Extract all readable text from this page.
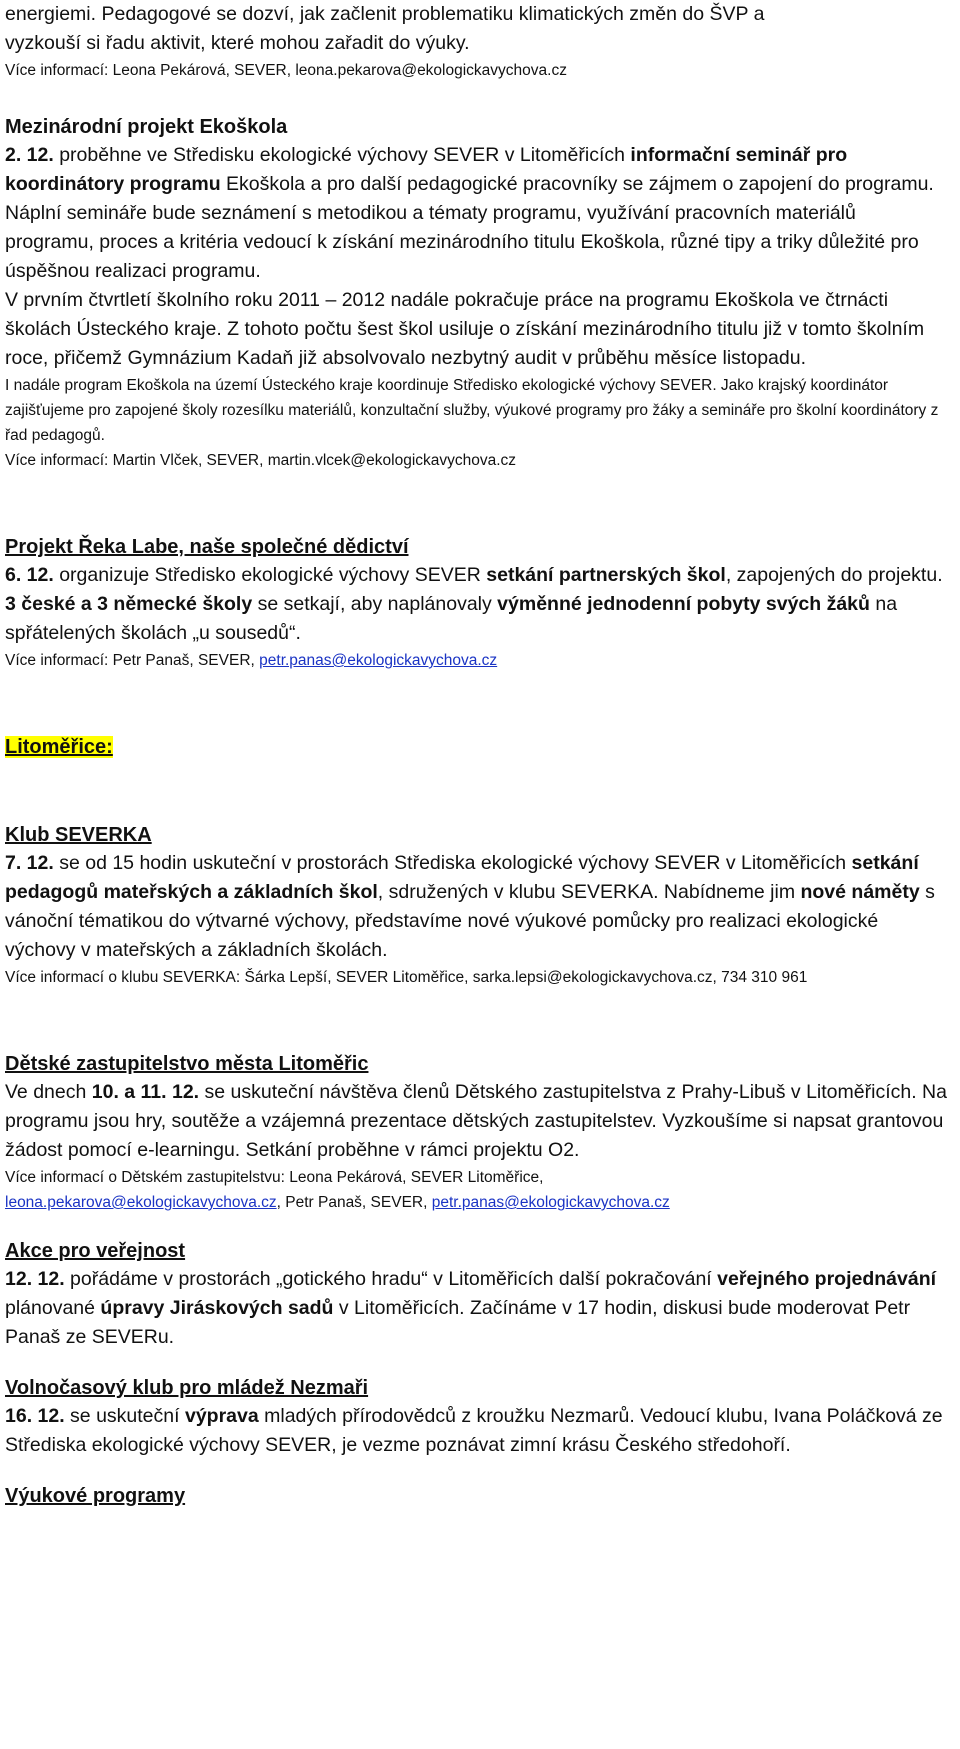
energiemi. Pedagogové se dozví, jak začlenit problematiku klimatických změn do ŠVP a

vyzkouší si řadu aktivit, které mohou zařadit do výuky.

Více informací: Leona Pekárová, SEVER, leona.pekarova@ekologickavychova.cz

Mezinárodní projekt Ekoškola

2. 12. proběhne ve Středisku ekologické výchovy SEVER v Litoměřicích informační seminář pro koordinátory programu Ekoškola a pro další pedagogické pracovníky se zájmem o zapojení do programu. Náplní semináře bude seznámení s metodikou a tématy programu, využívání pracovních materiálů programu, proces a kritéria vedoucí k získání mezinárodního titulu Ekoškola, různé tipy a triky důležité pro úspěšnou realizaci programu.

V prvním čtvrtletí školního roku 2011 – 2012 nadále pokračuje práce na programu Ekoškola ve čtrnácti školách Ústeckého kraje. Z tohoto počtu šest škol usiluje o získání mezinárodního titulu již v tomto školním roce, přičemž Gymnázium Kadaň již absolvovalo nezbytný audit v průběhu měsíce listopadu.

I nadále program Ekoškola na území Ústeckého kraje koordinuje Středisko ekologické výchovy SEVER. Jako krajský koordinátor zajišťujeme pro zapojené školy rozesílku materiálů, konzultační služby, výukové programy pro žáky a semináře pro školní koordinátory z řad pedagogů.

Více informací: Martin Vlček, SEVER, martin.vlcek@ekologickavychova.cz

Projekt Řeka Labe, naše společné dědictví

6. 12. organizuje Středisko ekologické výchovy SEVER setkání partnerských škol, zapojených do projektu. 3 české a 3 německé školy se setkají, aby naplánovaly výměnné jednodenní pobyty svých žáků na spřátelených školách „u sousedů“.

Více informací: Petr Panaš, SEVER, petr.panas@ekologickavychova.cz

Litoměřice:
Klub SEVERKA

7. 12. se od 15 hodin uskuteční v prostorách Střediska ekologické výchovy SEVER v Litoměřicích setkání pedagogů mateřských a základních škol, sdružených v klubu SEVERKA. Nabídneme jim nové náměty s vánoční tématikou do výtvarné výchovy, představíme nové výukové pomůcky pro realizaci ekologické výchovy v mateřských a základních školách.

Více informací o klubu SEVERKA: Šárka Lepší, SEVER Litoměřice, sarka.lepsi@ekologickavychova.cz, 734 310 961

Dětské zastupitelstvo města Litoměřic

Ve dnech 10. a 11. 12. se uskuteční návštěva členů Dětského zastupitelstva z Prahy-Libuš v Litoměřicích. Na programu jsou hry, soutěže a vzájemná prezentace dětských zastupitelstev. Vyzkoušíme si napsat grantovou žádost pomocí e-learningu. Setkání proběhne v rámci projektu O2.

Více informací o Dětském zastupitelstvu: Leona Pekárová, SEVER Litoměřice,

leona.pekarova@ekologickavychova.cz, Petr Panaš, SEVER, petr.panas@ekologickavychova.cz

Akce pro veřejnost

12. 12. pořádáme v prostorách „gotického hradu“ v Litoměřicích další pokračování veřejného projednávání plánované úpravy Jiráskových sadů v Litoměřicích. Začínáme v 17 hodin, diskusi bude moderovat Petr Panaš ze SEVERu.

Volnočasový klub pro mládež Nezmaři

16. 12. se uskuteční výprava mladých přírodovědců z kroužku Nezmarů. Vedoucí klubu, Ivana Poláčková ze Střediska ekologické výchovy SEVER, je vezme poznávat zimní krásu Českého středohoří.

Výukové programy
